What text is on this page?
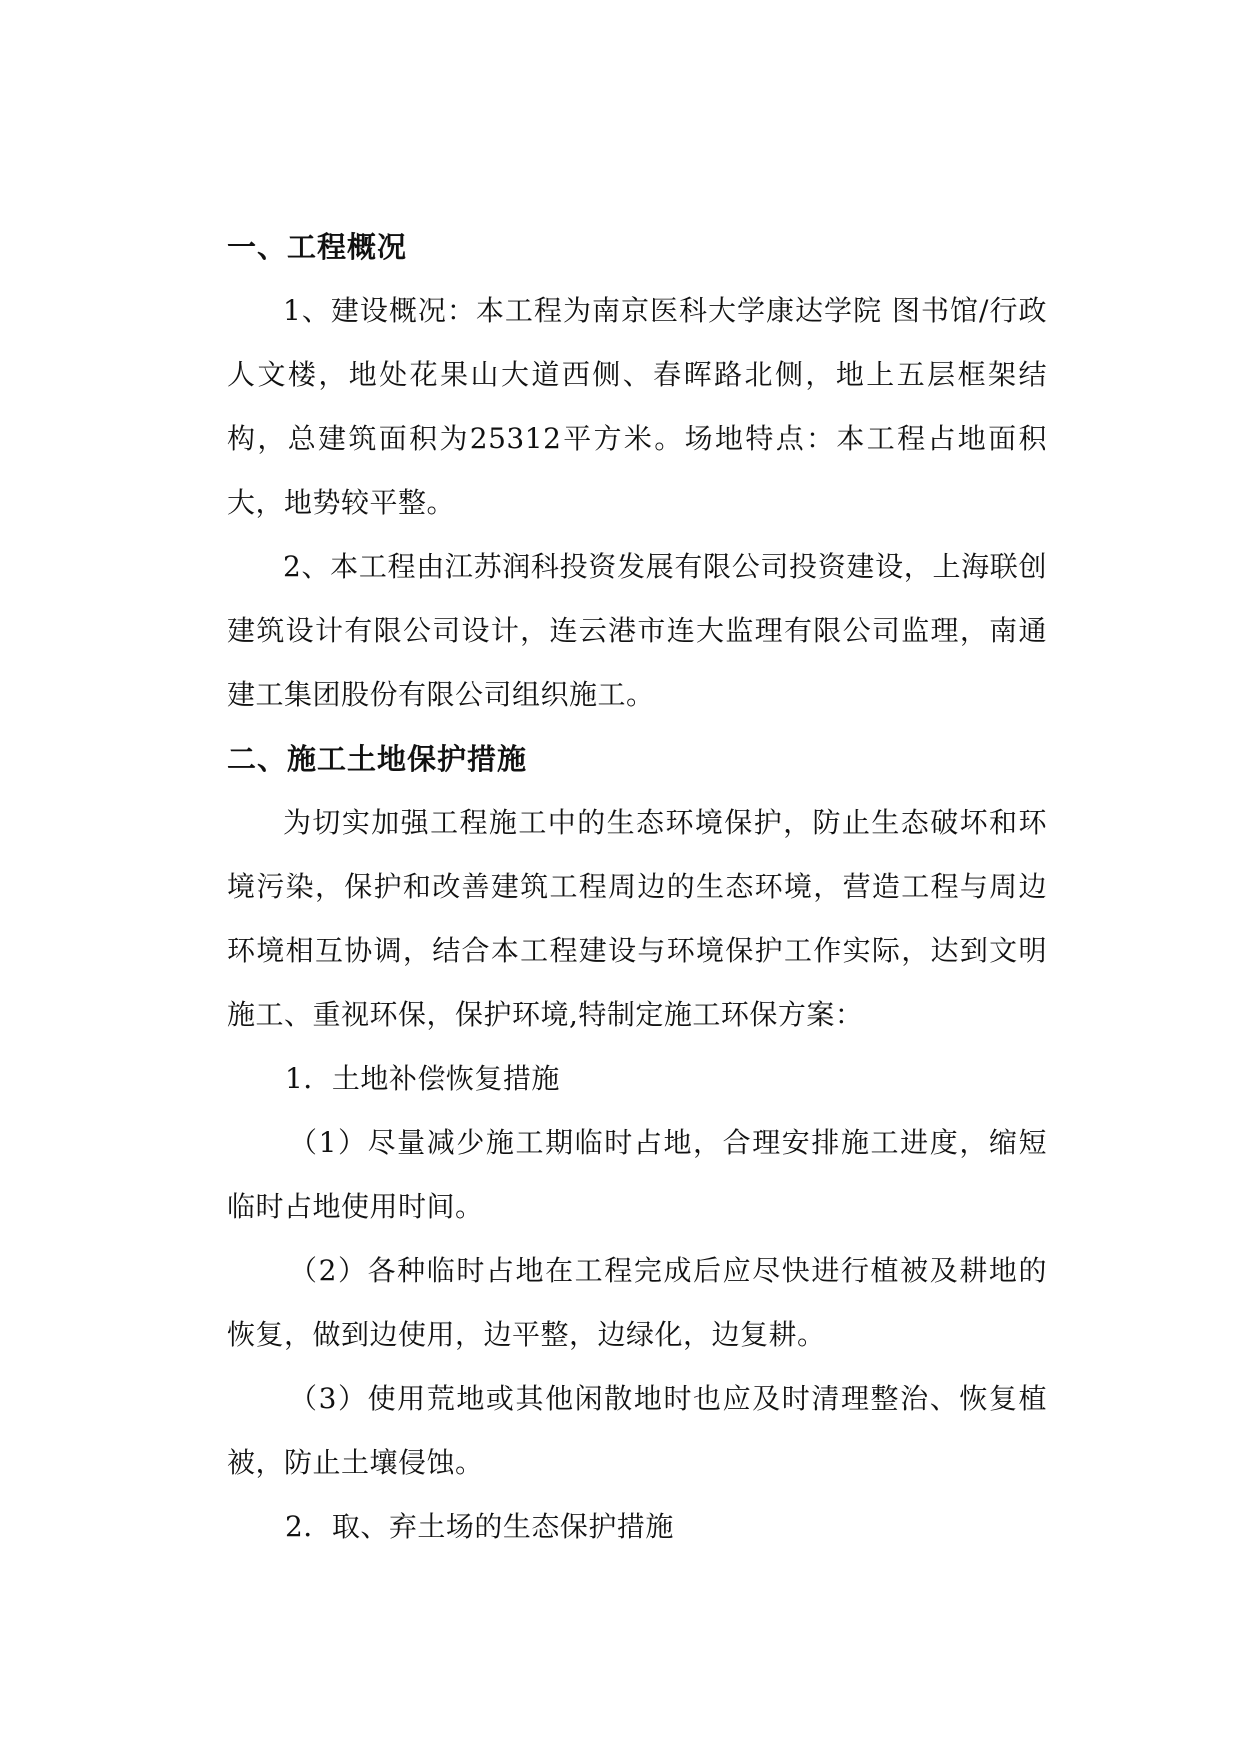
一、工程概况

1、建设概况：本工程为南京医科大学康达学院 图书馆/行政人文楼，地处花果山大道西侧、春晖路北侧，地上五层框架结构，总建筑面积为25312平方米。场地特点：本工程占地面积大，地势较平整。

2、本工程由江苏润科投资发展有限公司投资建设，上海联创建筑设计有限公司设计，连云港市连大监理有限公司监理，南通建工集团股份有限公司组织施工。

二、施工土地保护措施

为切实加强工程施工中的生态环境保护，防止生态破坏和环境污染，保护和改善建筑工程周边的生态环境，营造工程与周边环境相互协调，结合本工程建设与环境保护工作实际，达到文明施工、重视环保，保护环境,特制定施工环保方案：

1．土地补偿恢复措施

（1）尽量减少施工期临时占地，合理安排施工进度，缩短临时占地使用时间。

（2）各种临时占地在工程完成后应尽快进行植被及耕地的恢复，做到边使用，边平整，边绿化，边复耕。

（3）使用荒地或其他闲散地时也应及时清理整治、恢复植被，防止土壤侵蚀。

2．取、弃土场的生态保护措施
